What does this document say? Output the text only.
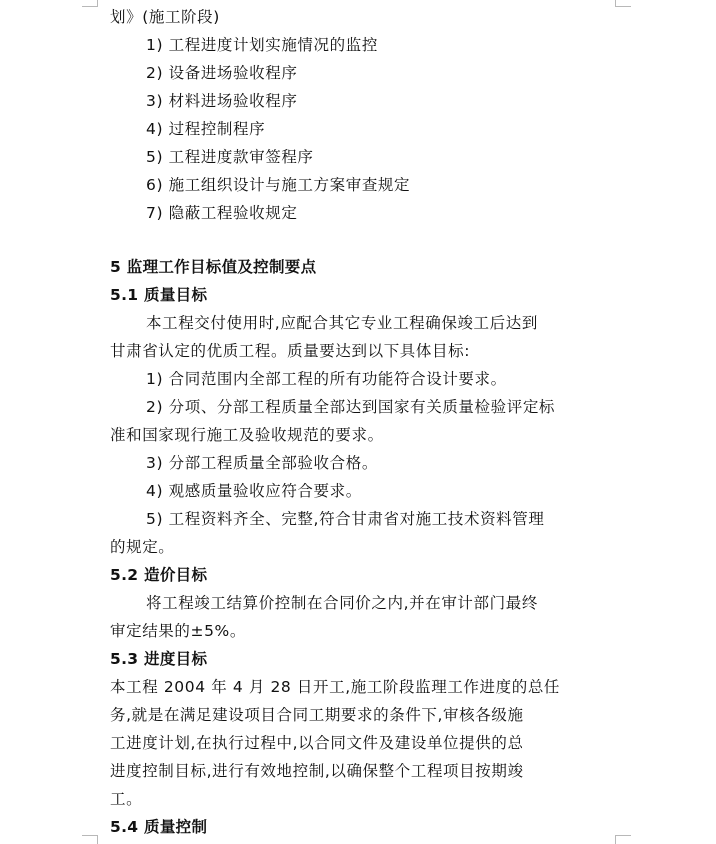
划》(施工阶段)
1) 工程进度计划实施情况的监控
2) 设备进场验收程序
3) 材料进场验收程序
4) 过程控制程序
5) 工程进度款审签程序
6) 施工组织设计与施工方案审查规定
7) 隐蔽工程验收规定
5 监理工作目标值及控制要点
5.1 质量目标
本工程交付使用时,应配合其它专业工程确保竣工后达到
甘肃省认定的优质工程。质量要达到以下具体目标:
1) 合同范围内全部工程的所有功能符合设计要求。
2) 分项、分部工程质量全部达到国家有关质量检验评定标
准和国家现行施工及验收规范的要求。
3) 分部工程质量全部验收合格。
4) 观感质量验收应符合要求。
5) 工程资料齐全、完整,符合甘肃省对施工技术资料管理
的规定。
5.2 造价目标
将工程竣工结算价控制在合同价之内,并在审计部门最终
审定结果的±5%。
5.3 进度目标
本工程 2004 年 4 月 28 日开工,施工阶段监理工作进度的总任
务,就是在满足建设项目合同工期要求的条件下,审核各级施
工进度计划,在执行过程中,以合同文件及建设单位提供的总
进度控制目标,进行有效地控制,以确保整个工程项目按期竣
工。
5.4 质量控制
